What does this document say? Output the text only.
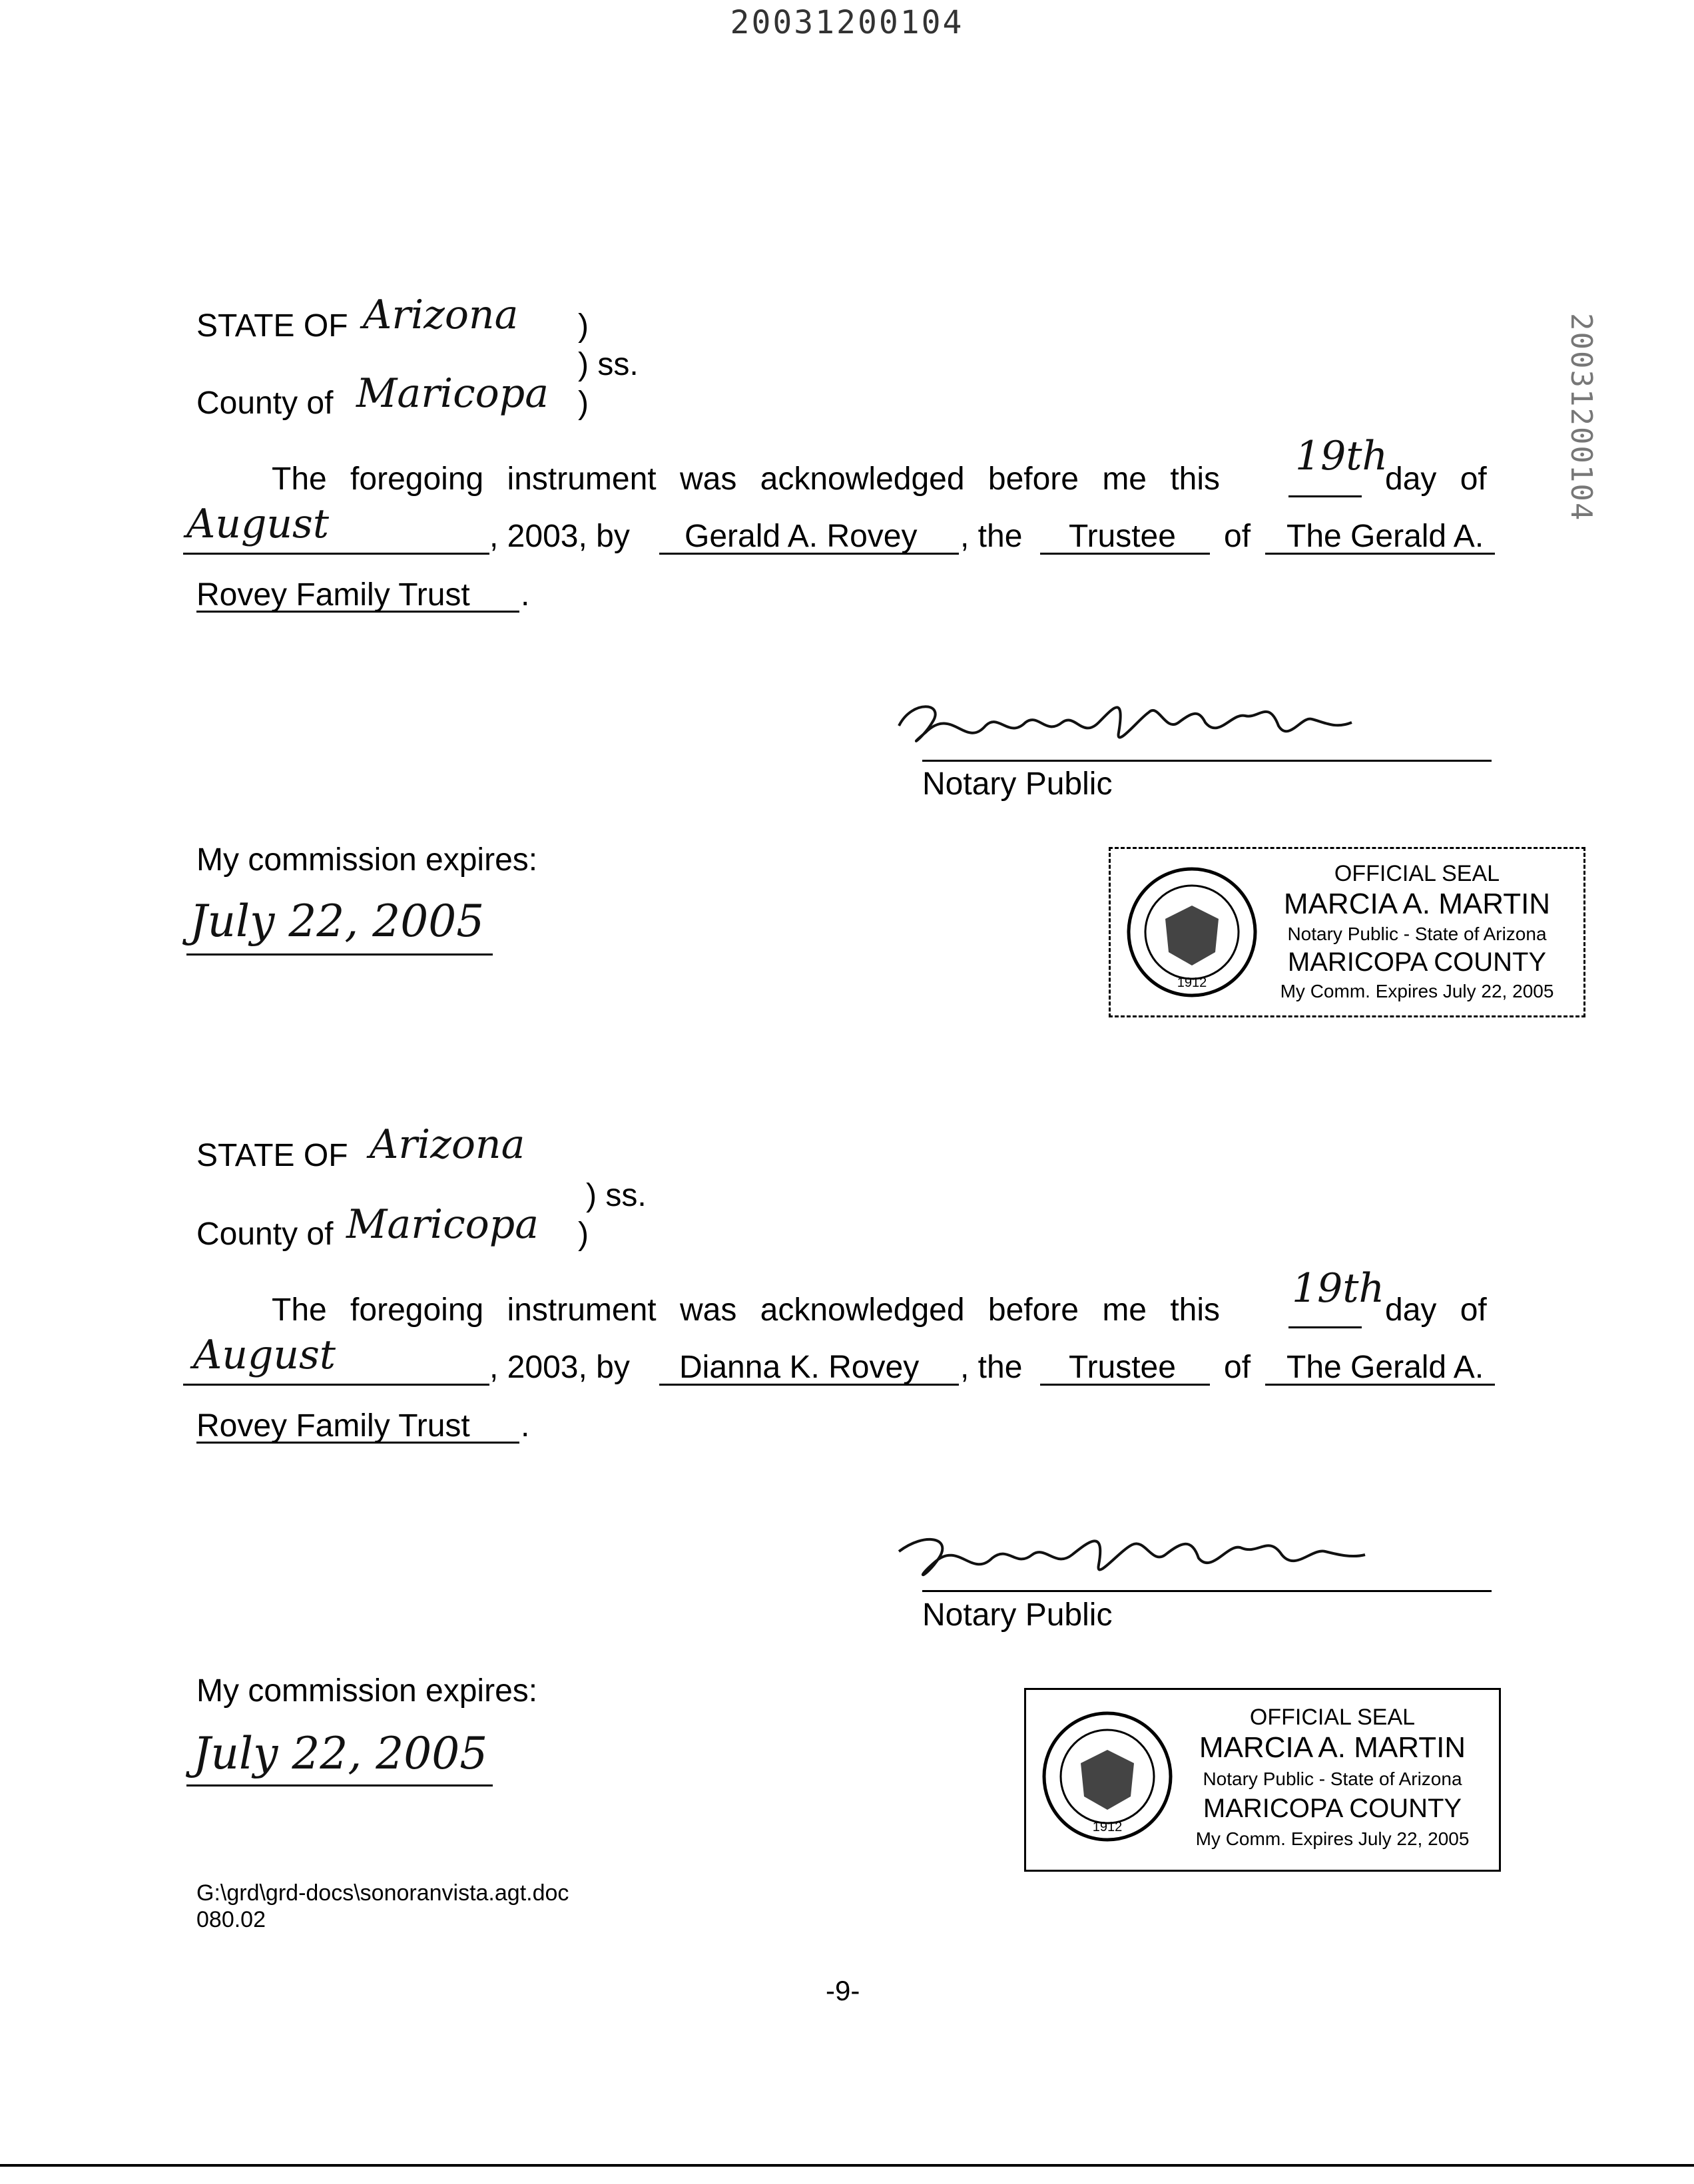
20031200104
20031200104
STATE OF Arizona )
) ss.
County of Maricopa )
The foregoing instrument was acknowledged before me this 19th
day of
August	, 2003, by Gerald A. Rovey , the Trustee of The Gerald A.
Rovey Family Trust .
Notary Public
My commission expires:
July 22, 2005
1912
OFFICIAL SEAL
MARCIA A. MARTIN
Notary Public - State of Arizona
MARICOPA COUNTY
My Comm. Expires July 22, 2005
STATE OF Arizona
) ss.
County of Maricopa )
The foregoing instrument was acknowledged before me this 19th day of
August	, 2003, by Dianna K. Rovey , the Trustee of The Gerald A.
Rovey Family Trust .
Notary Public
My commission expires:
July 22, 2005
1912
OFFICIAL SEAL
MARCIA A. MARTIN
Notary Public - State of Arizona
MARICOPA COUNTY
My Comm. Expires July 22, 2005
G:\grd\grd-docs\sonoranvista.agt.doc
080.02
-9-
